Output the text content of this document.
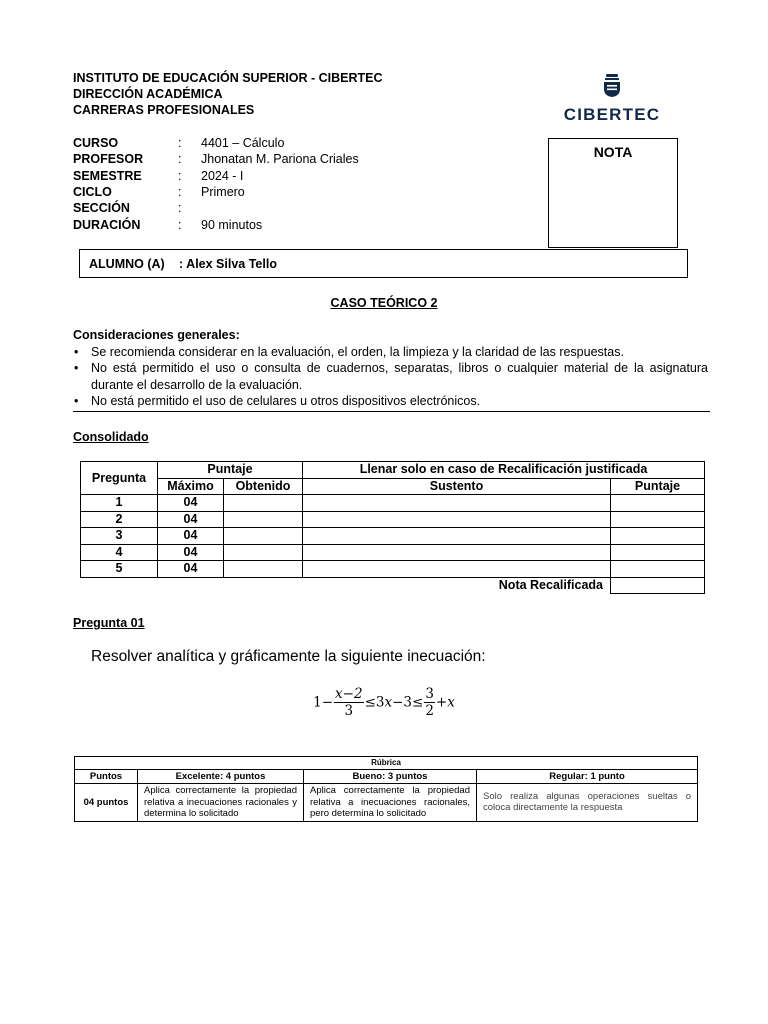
INSTITUTO DE EDUCACIÓN SUPERIOR - CIBERTEC
DIRECCIÓN ACADÉMICA
CARRERAS PROFESIONALES	CIBERTEC
CURSO	: 4401 – Cálculo
PROFESOR	: Jhonatan M. Pariona Criales
SEMESTRE	: 2024 - I
CICLO	: Primero
SECCIÓN	:
DURACIÓN	: 90 minutos
NOTA
ALUMNO (A) : Alex Silva Tello
CASO TEÓRICO 2
Consideraciones generales:
• Se recomienda considerar en la evaluación, el orden, la limpieza y la claridad de las respuestas.
• No está permitido el uso o consulta de cuadernos, separatas, libros o cualquier material de la asignatura durante el desarrollo de la evaluación.
• No está permitido el uso de celulares u otros dispositivos electrónicos.
Consolidado
Pregunta	Puntaje		Llenar solo en caso de Recalificación justificada	
	Máximo	Obtenido	Sustento	Puntaje
1	04			
2	04			
3	04			
4	04			
5	04			
Nota Recalificada				
Pregunta 01
Resolver analítica y gráficamente la siguiente inecuación:
$1- \frac{x-2}{3} \le 3x-3\le \frac{3}{2} +x$
Rúbrica			
Puntos	Excelente: 4 puntos	Bueno: 3 puntos	Regular: 1 punto
04 puntos	Aplica correctamente la propiedad relativa a inecuaciones racionales y determina lo solicitado	Aplica correctamente la propiedad relativa a inecuaciones racionales, pero determina lo solicitado	Solo realiza algunas operaciones sueltas o coloca directamente la respuesta
